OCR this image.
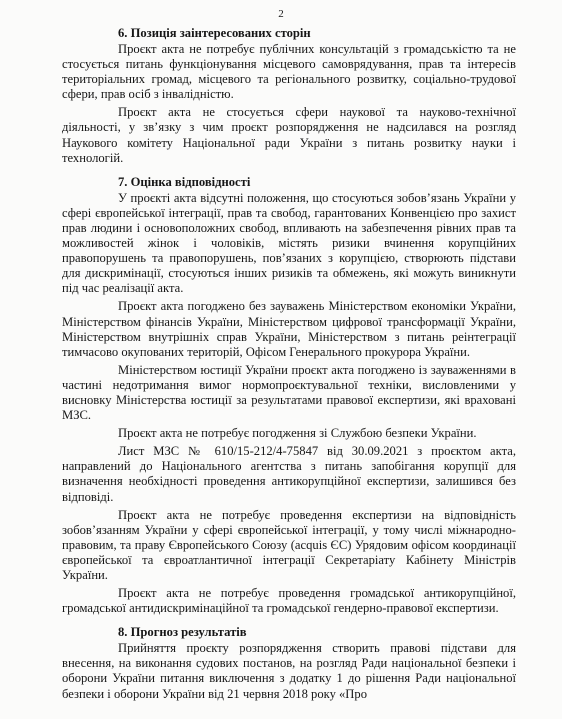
2
6. Позиція заінтересованих сторін

Проєкт акта не потребує публічних консультацій з громадськістю та не стосується питань функціонування місцевого самоврядування, прав та інтересів територіальних громад, місцевого та регіонального розвитку, соціально-трудової сфери, прав осіб з інвалідністю.

Проєкт акта не стосується сфери наукової та науково-технічної діяльності, у зв’язку з чим проєкт розпорядження не надсилався на розгляд Наукового комітету Національної ради України з питань розвитку науки і технологій.

7. Оцінка відповідності

У проєкті акта відсутні положення, що стосуються зобов’язань України у сфері європейської інтеграції, прав та свобод, гарантованих Конвенцією про захист прав людини і основоположних свобод, впливають на забезпечення рівних прав та можливостей жінок і чоловіків, містять ризики вчинення корупційних правопорушень та правопорушень, пов’язаних з корупцією, створюють підстави для дискримінації, стосуються інших ризиків та обмежень, які можуть виникнути під час реалізації акта.

Проєкт акта погоджено без зауважень Міністерством економіки України, Міністерством фінансів України, Міністерством цифрової трансформації України, Міністерством внутрішніх справ України, Міністерством з питань реінтеграції тимчасово окупованих територій, Офісом Генерального прокурора України.

Міністерством юстиції України проєкт акта погоджено із зауваженнями в частині недотримання вимог нормопроєктувальної техніки, висловленими у висновку Міністерства юстиції за результатами правової експертизи, які враховані МЗС.

Проєкт акта не потребує погодження зі Службою безпеки України.

Лист МЗС № 610/15-212/4-75847 від 30.09.2021 з проєктом акта, направлений до Національного агентства з питань запобігання корупції для визначення необхідності проведення антикорупційної експертизи, залишився без відповіді.

Проєкт акта не потребує проведення експертизи на відповідність зобов’язанням України у сфері європейської інтеграції, у тому числі міжнародно-правовим, та праву Європейського Союзу (acquis ЄС) Урядовим офісом координації європейської та євроатлантичної інтеграції Секретаріату Кабінету Міністрів України.

Проєкт акта не потребує проведення громадської антикорупційної, громадської антидискримінаційної та громадської гендерно-правової експертизи.

8. Прогноз результатів

Прийняття проєкту розпорядження створить правові підстави для внесення, на виконання судових постанов, на розгляд Ради національної безпеки і оборони України питання виключення з додатку 1 до рішення Ради національної безпеки і оборони України від 21 червня 2018 року «Про
